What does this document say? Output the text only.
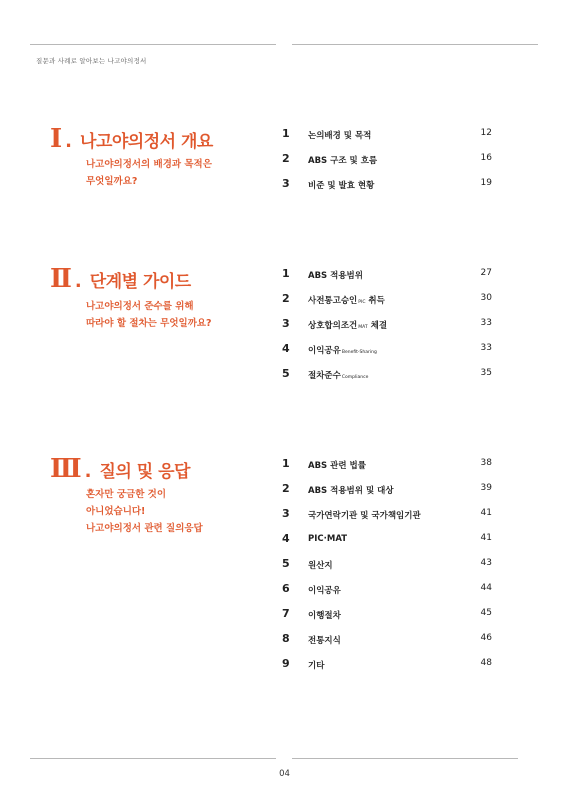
질문과 사례로 알아보는 나고야의정서
Ⅰ . 나고야의정서 개요
나고야의정서의 배경과 목적은
무엇일까요?
1 논의배경 및 목적	12
2 ABS 구조 및 흐름	16
3 비준 및 발효 현황	19
Ⅱ . 단계별 가이드
나고야의정서 준수를 위해
따라야 할 절차는 무엇일까요?
1 ABS 적용범위	27
2 사전통고승인PIC 취득	30
3 상호합의조건MAT 체결	33
4 이익공유Benefit-Sharing	33
5 절차준수Compliance	35
Ⅲ . 질의 및 응답
혼자만 궁금한 것이
아니었습니다!
나고야의정서 관련 질의응답
1 ABS 관련 법률	38
2 ABS 적용범위 및 대상	39
3 국가연락기관 및 국가책임기관	41
4 PIC·MAT	41
5 원산지	43
6 이익공유	44
7 이행절차	45
8 전통지식	46
9 기타	48
04
